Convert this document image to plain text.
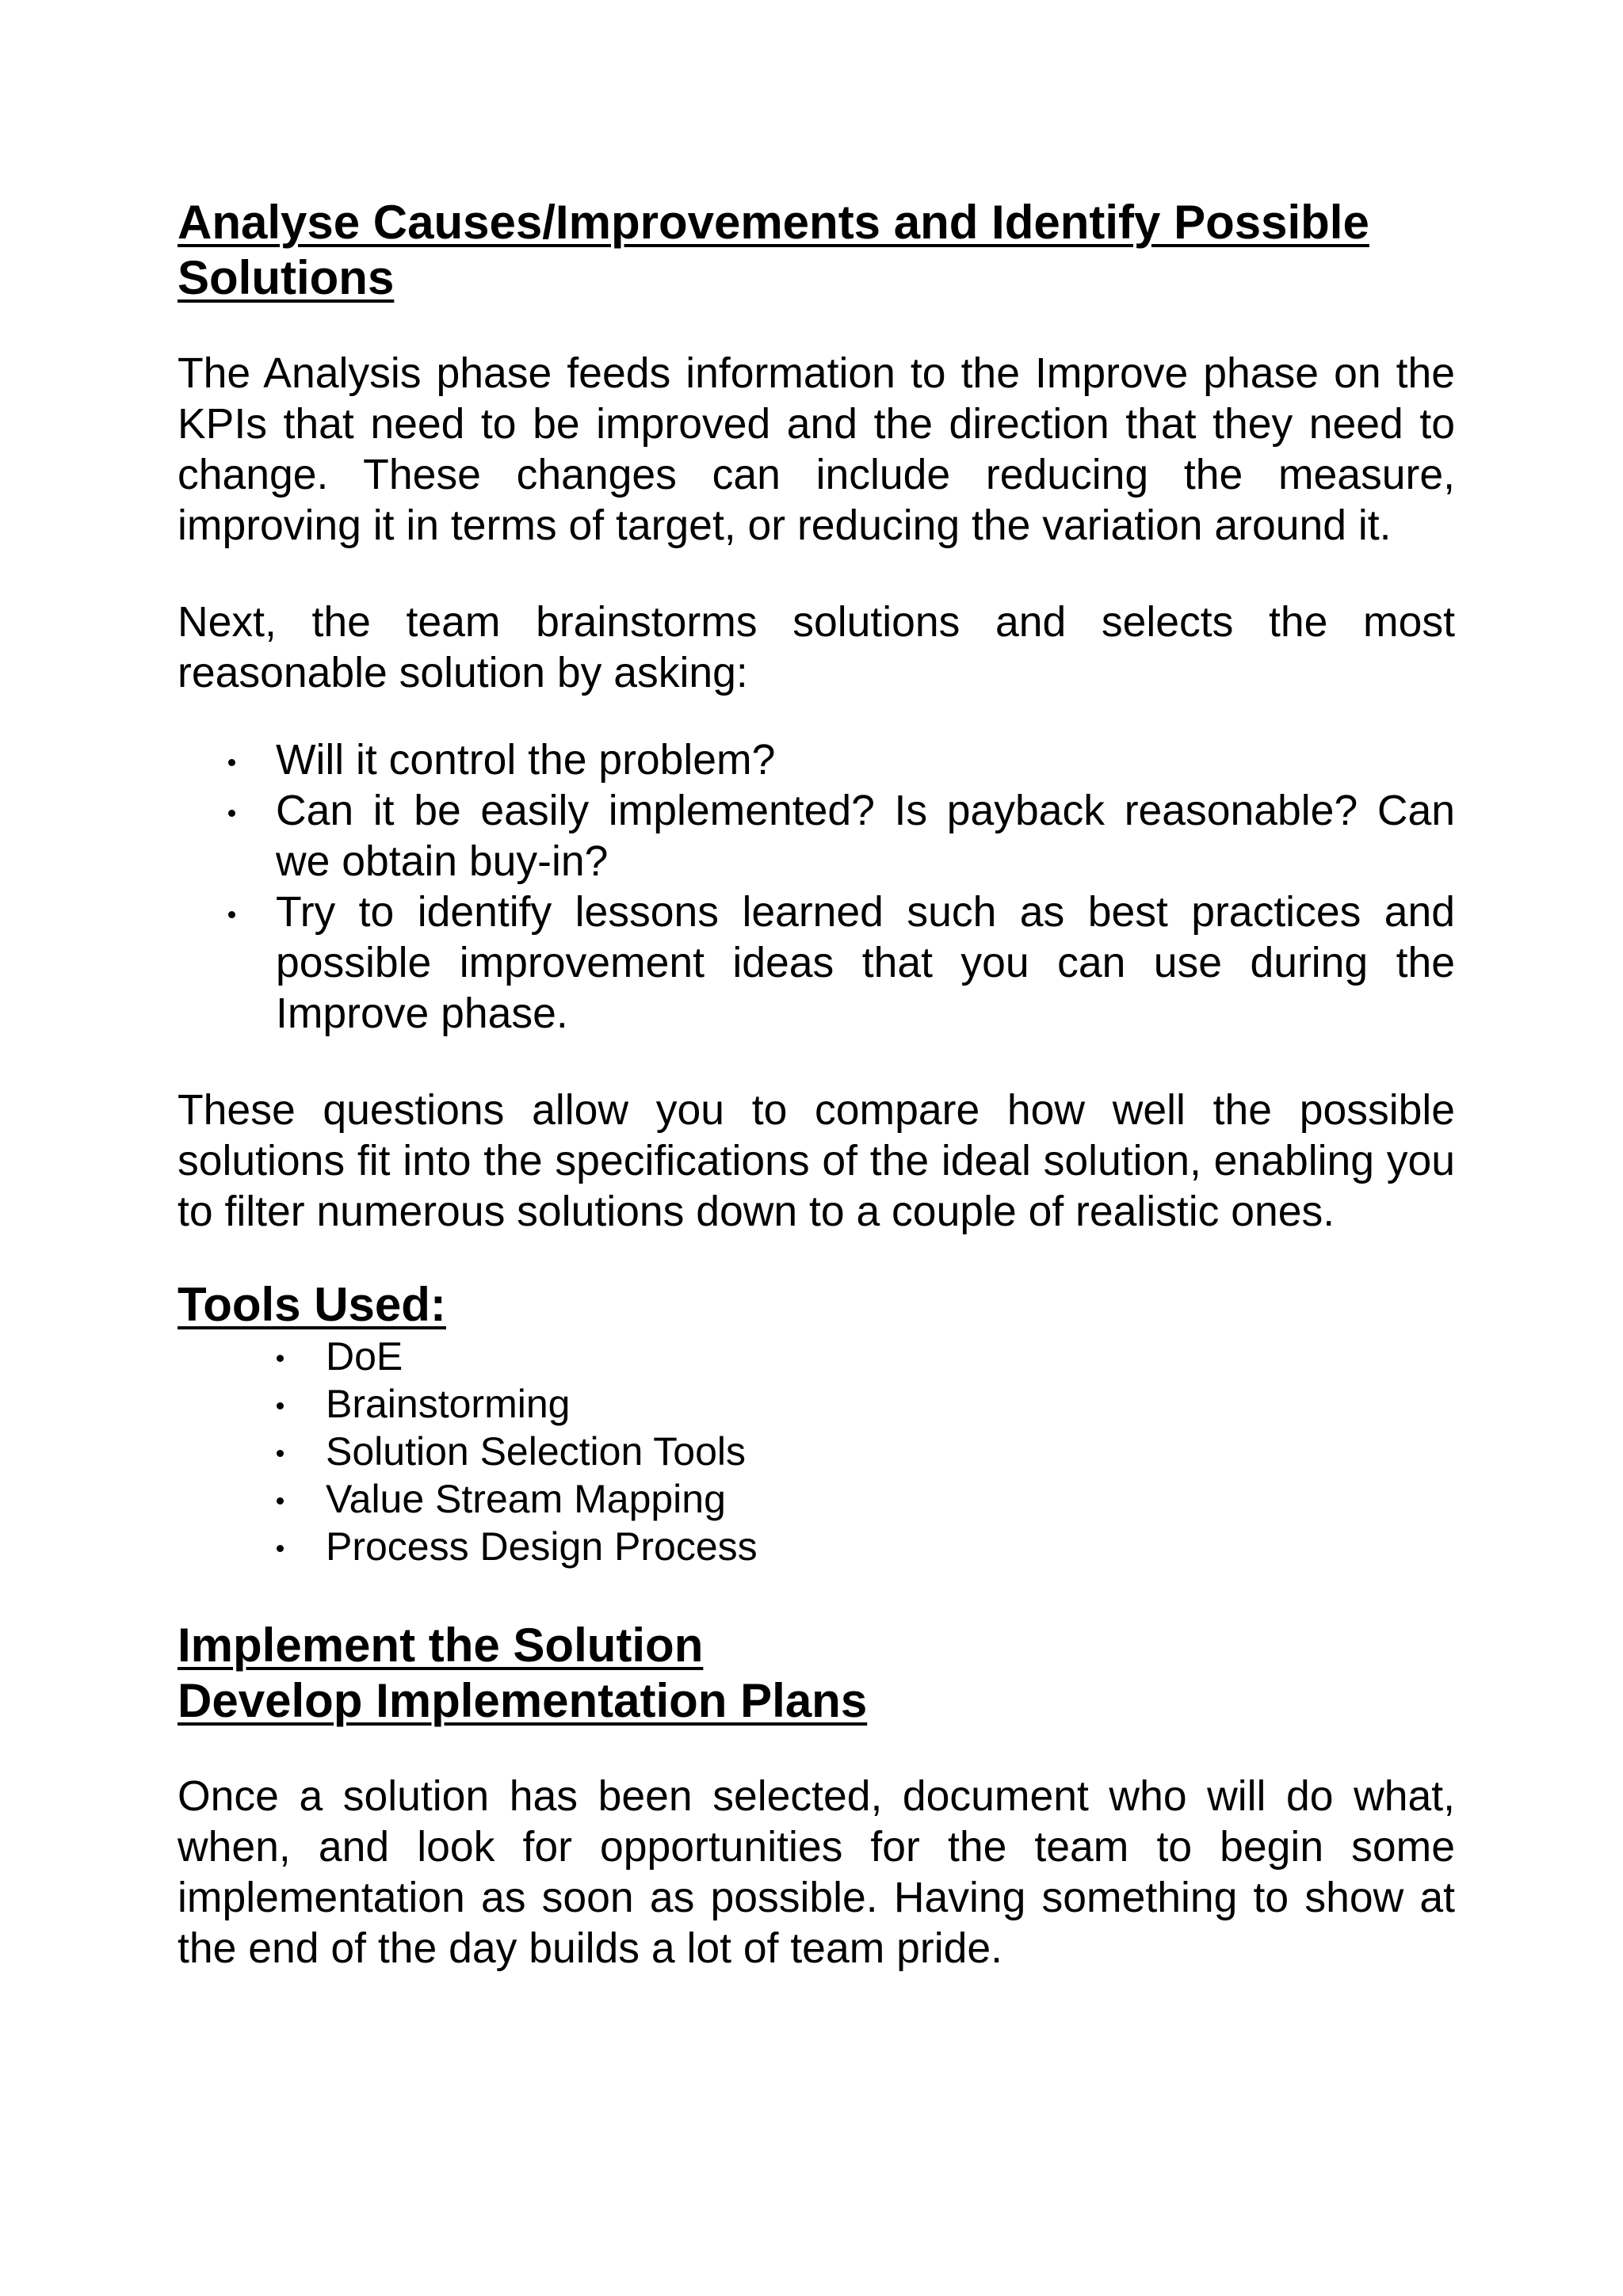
Analyse Causes/Improvements and Identify Possible
Solutions

The Analysis phase feeds information to the Improve phase on the KPIs that need to be improved and the direction that they need to change. These changes can include reducing the measure, improving it in terms of target, or reducing the variation around it.

Next, the team brainstorms solutions and selects the most reasonable solution by asking:

Will it control the problem?
Can it be easily implemented? Is payback reasonable? Can we obtain buy-in?
Try to identify lessons learned such as best practices and possible improvement ideas that you can use during the Improve phase.

These questions allow you to compare how well the possible solutions fit into the specifications of the ideal solution, enabling you to filter numerous solutions down to a couple of realistic ones.

Tools Used:
DoE
Brainstorming
Solution Selection Tools
Value Stream Mapping
Process Design Process
Implement the Solution
Develop Implementation Plans

Once a solution has been selected, document who will do what, when, and look for opportunities for the team to begin some implementation as soon as possible. Having something to show at the end of the day builds a lot of team pride.
